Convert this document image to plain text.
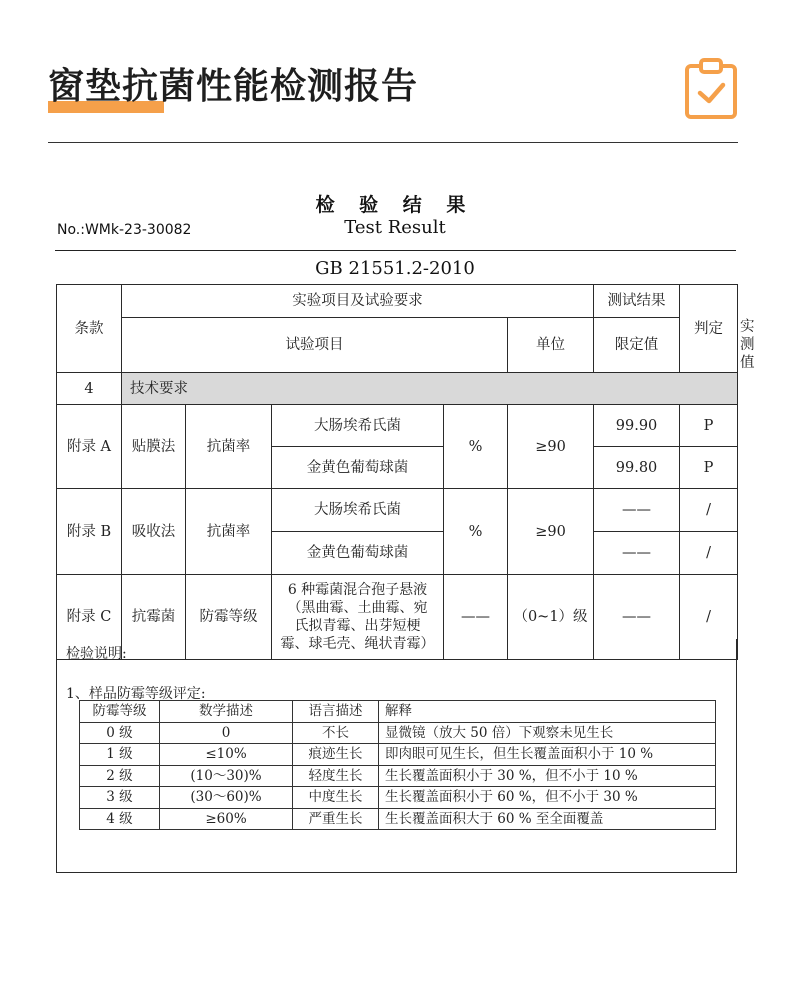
窗垫抗菌性能检测报告
检 验 结 果
No.:WMk-23-30082	Test Result
GB 21551.2-2010
条款	实验项目及试验要求					测试结果	判定	
	试验项目				单位	限定值		实测值
4	技术要求							
附录 A	贴膜法	抗菌率	大肠埃希氏菌	%	≥90	99.90	P	
			金黄色葡萄球菌			99.80	P	
附录 B	吸收法	抗菌率	大肠埃希氏菌	%	≥90	——	/	
			金黄色葡萄球菌			——	/	
附录 C	抗霉菌	防霉等级	6 种霉菌混合孢子悬液
（黑曲霉、土曲霉、宛
氏拟青霉、出芽短梗
霉、球毛壳、绳状青霉）	——	（0~1）级	——	/	
检验说明:
1、样品防霉等级评定:
防霉等级	数学描述	语言描述	解释
0 级	0	不长	显微镜（放大 50 倍）下观察未见生长
1 级	≤10%	痕迹生长	即肉眼可见生长，但生长覆盖面积小于 10 %
2 级	(10～30)%	轻度生长	生长覆盖面积小于 30 %，但不小于 10 %
3 级	(30～60)%	中度生长	生长覆盖面积小于 60 %，但不小于 30 %
4 级	≥60%	严重生长	生长覆盖面积大于 60 % 至全面覆盖
